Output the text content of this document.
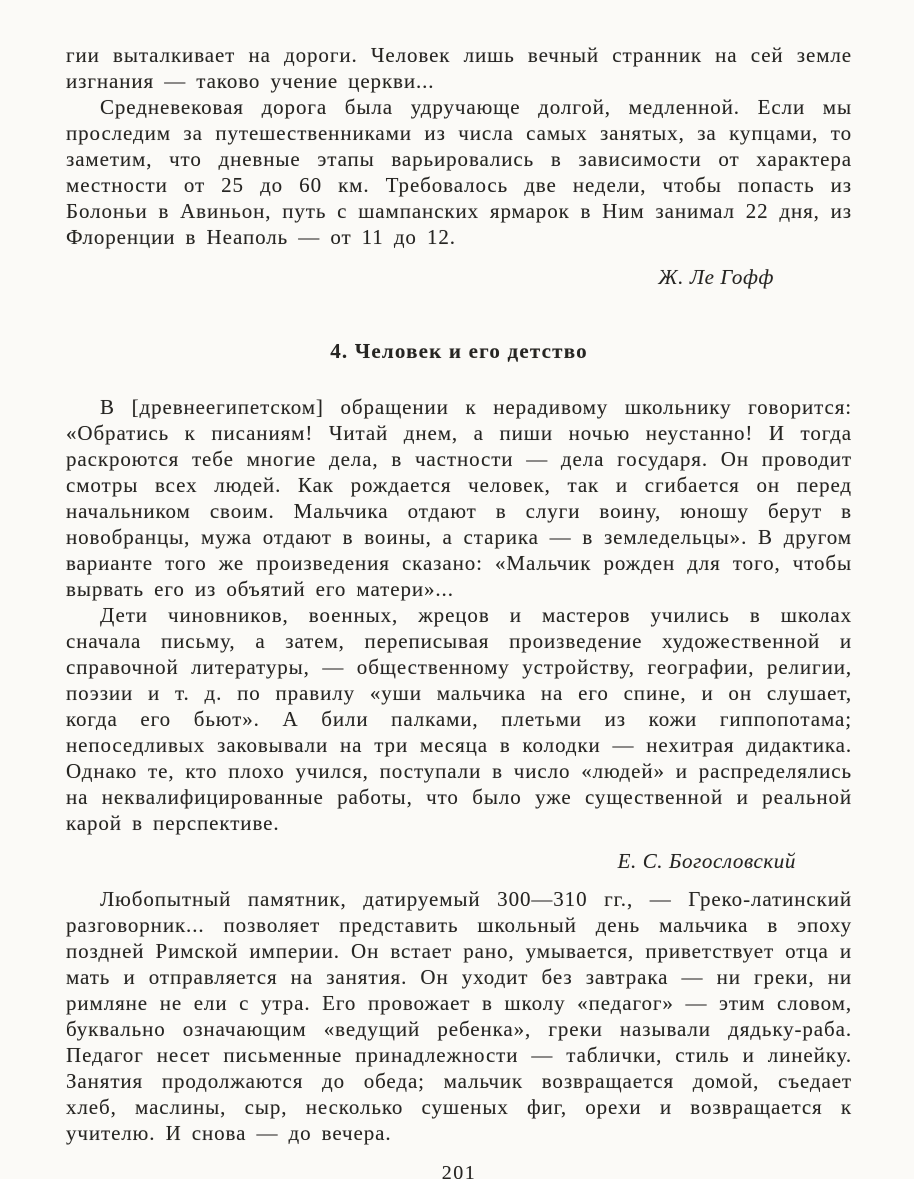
гии выталкивает на дороги. Человек лишь вечный странник на сей земле изгнания — таково учение церкви...

Средневековая дорога была удручающе долгой, медленной. Если мы проследим за путешественниками из числа самых занятых, за купцами, то заметим, что дневные этапы варьировались в зависимости от характера местности от 25 до 60 км. Требовалось две недели, чтобы попасть из Болоньи в Авиньон, путь с шампанских ярмарок в Ним занимал 22 дня, из Флоренции в Неаполь — от 11 до 12.

Ж. Ле Гофф

4. Человек и его детство

В [древнеегипетском] обращении к нерадивому школьнику говорится: «Обратись к писаниям! Читай днем, а пиши ночью неустанно! И тогда раскроются тебе многие дела, в частности — дела государя. Он проводит смотры всех людей. Как рождается человек, так и сгибается он перед начальником своим. Мальчика отдают в слуги воину, юношу берут в новобранцы, мужа отдают в воины, а старика — в земледельцы». В другом варианте того же произведения сказано: «Мальчик рожден для того, чтобы вырвать его из объятий его матери»...

Дети чиновников, военных, жрецов и мастеров учились в школах сначала письму, а затем, переписывая произведение художественной и справочной литературы, — общественному устройству, географии, религии, поэзии и т. д. по правилу «уши мальчика на его спине, и он слушает, когда его бьют». А били палками, плетьми из кожи гиппопотама; непоседливых заковывали на три месяца в колодки — нехитрая дидактика. Однако те, кто плохо учился, поступали в число «людей» и распределялись на неквалифицированные работы, что было уже существенной и реальной карой в перспективе.

Е. С. Богословский

Любопытный памятник, датируемый 300—310 гг., — Греко-латинский разговорник... позволяет представить школьный день мальчика в эпоху поздней Римской империи. Он встает рано, умывается, приветствует отца и мать и отправляется на занятия. Он уходит без завтрака — ни греки, ни римляне не ели с утра. Его провожает в школу «педагог» — этим словом, буквально означающим «ведущий ребенка», греки называли дядьку-раба. Педагог несет письменные принадлежности — таблички, стиль и линейку. Занятия продолжаются до обеда; мальчик возвращается домой, съедает хлеб, маслины, сыр, несколько сушеных фиг, орехи и возвращается к учителю. И снова — до вечера.

201
